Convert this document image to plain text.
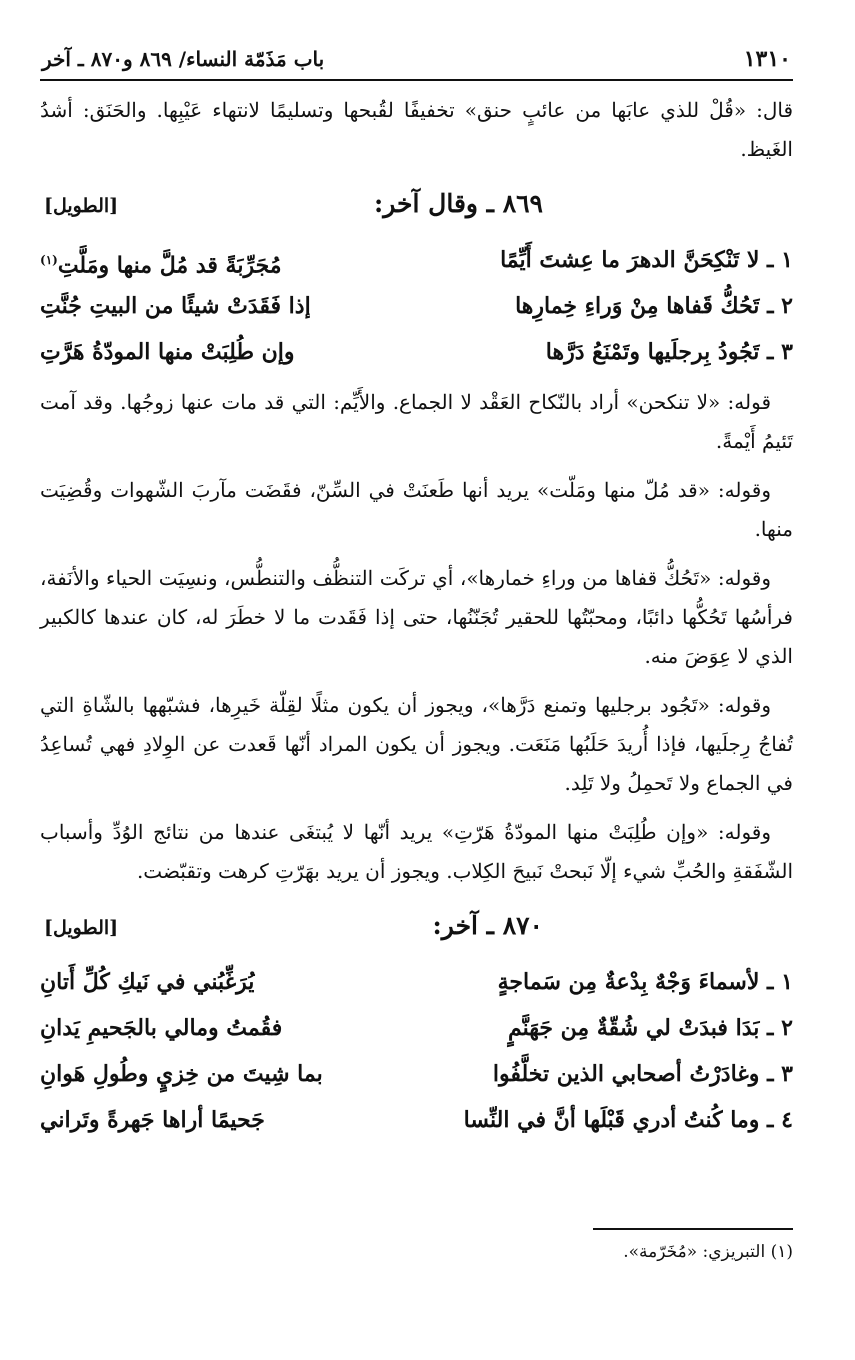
١٣١٠
باب مَذَمّة النساء/ ٨٦٩ و٨٧٠ ـ آخر

قال: «قُلْ للذي عابَها من عائبٍ حنق» تخفيفًا لقُبحها وتسليمًا لانتهاء عَيْبِها. والحَنَق: أشدُ الغَيظ.

٨٦٩ ـ وقال آخر:
[الطويل]
١ ـ لا تَنْكِحَنَّ الدهرَ ما عِشتَ أَيِّمًا
مُجَرِّبَةً قد مُلَّ منها ومَلَّتِ$^{(١)}$
٢ ـ تَحُكُّ قَفاها مِنْ وَراءِ خِمارِها
إذا فَقَدَتْ شيئًا من البيتِ جُنَّتِ
٣ ـ تَجُودُ بِرجلَيها وتَمْنَعُ دَرَّها
وإن طُلِبَتْ منها المودّةُ هَرَّتِ

قوله: «لا تنكحن» أراد بالنّكاح العَقْد لا الجماع. والأَيِّم: التي قد مات عنها زوجُها. وقد آمت تَئيمُ أَيْمةً.

وقوله: «قد مُلّ منها ومَلّت» يريد أنها طَعنَتْ في السِّنّ، فقَضَت مآربَ الشّهوات وقُضِيَت منها.

وقوله: «تَحُكُّ قفاها من وراءِ خمارها»، أي تركَت التنظُّف والتنطُّس، ونسِيَت الحياء والأنَفة، فرأسُها تَحُكُّها دائبًا، ومحبّتُها للحقير تُجَنّنُها، حتى إذا فَقَدت ما لا خطَرَ له، كان عندها كالكبير الذي لا عِوَضَ منه.

وقوله: «تَجُود برجليها وتمنع دَرَّها»، ويجوز أن يكون مثلًا لقِلّة خَيرِها، فشبّهها بالشّاةِ التي تُفاجُ رِجلَيها، فإذا أُريدَ حَلَبُها مَنَعَت. ويجوز أن يكون المراد أنّها قَعدت عن الوِلادِ فهي تُساعِدُ في الجماع ولا تَحمِلُ ولا تَلِد.

وقوله: «وإن طُلِبَتْ منها المودّةُ هَرّتِ» يريد أنّها لا يُبتغَى عندها من نتائج الوُدِّ وأسباب الشّفَقةِ والحُبِّ شيء إلّا نَبحتْ نَبيحَ الكِلاب. ويجوز أن يريد بهَرّتِ كرهت وتقبّضت.

٨٧٠ ـ آخر:
[الطويل]
١ ـ لأسماءَ وَجْهٌ بِدْعةٌ مِن سَماجةٍ
يُرَغِّبُني في نَيكِ كُلِّ أَتانِ
٢ ـ بَدَا فبدَتْ لي شُقّةٌ مِن جَهَنَّمٍ
فقُمتُ ومالي بالجَحيمِ يَدانِ
٣ ـ وغادَرْتُ أصحابي الذين تخلَّفُوا
بما شِيتَ من خِزيٍ وطُولِ هَوانِ
٤ ـ وما كُنتُ أدري قَبْلَها أنَّ في النِّسا
جَحيمًا أراها جَهرةً وتَراني
(١) التبريزي: «مُخَرّمة».
